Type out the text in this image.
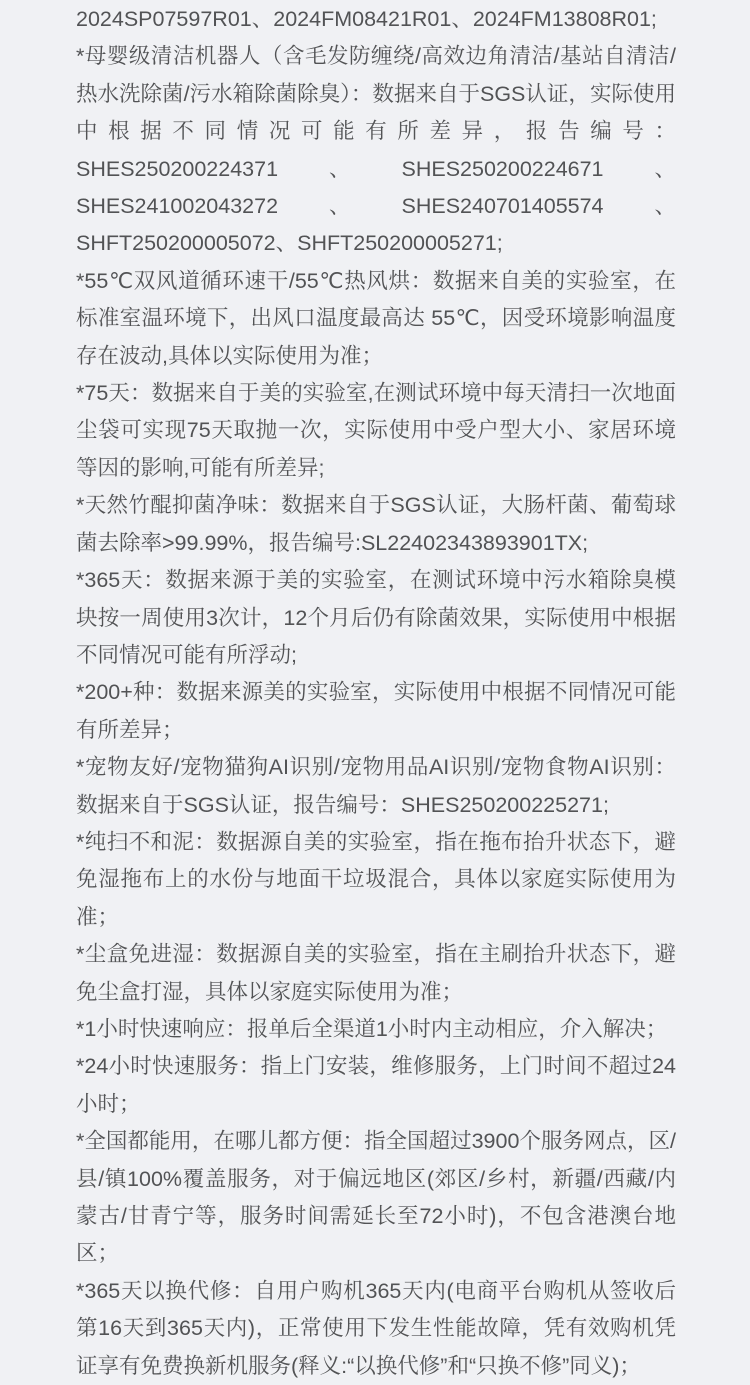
2024SP07597R01、2024FM08421R01、2024FM13808R01;

*母婴级清洁机器人（含毛发防缠绕/高效边角清洁/基站自清洁/热水洗除菌/污水箱除菌除臭）：数据来自于SGS认证，实际使用中根据不同情况可能有所差异，报告编号：SHES250200224371、SHES250200224671、SHES241002043272、SHES240701405574、SHFT250200005072、SHFT250200005271;

*55℃双风道循环速干/55℃热风烘：数据来自美的实验室，在标准室温环境下，出风口温度最高达 55℃，因受环境影响温度存在波动,具体以实际使用为准；

*75天：数据来自于美的实验室,在测试环境中每天清扫一次地面尘袋可实现75天取抛一次，实际使用中受户型大小、家居环境等因的影响,可能有所差异;

*天然竹醌抑菌净味：数据来自于SGS认证，大肠杆菌、葡萄球菌去除率>99.99%，报告编号:SL22402343893901TX;

*365天：数据来源于美的实验室，在测试环境中污水箱除臭模块按一周使用3次计，12个月后仍有除菌效果，实际使用中根据不同情况可能有所浮动;

*200+种：数据来源美的实验室，实际使用中根据不同情况可能有所差异；

*宠物友好/宠物猫狗AI识别/宠物用品AI识别/宠物食物AI识别：数据来自于SGS认证，报告编号：SHES250200225271;

*纯扫不和泥：数据源自美的实验室，指在拖布抬升状态下，避免湿拖布上的水份与地面干垃圾混合，具体以家庭实际使用为准；

*尘盒免进湿：数据源自美的实验室，指在主刷抬升状态下，避免尘盒打湿，具体以家庭实际使用为准；

*1小时快速响应：报单后全渠道1小时内主动相应，介入解决；

*24小时快速服务：指上门安装，维修服务，上门时间不超过24小时；

*全国都能用，在哪儿都方便：指全国超过3900个服务网点，区/县/镇100%覆盖服务，对于偏远地区(郊区/乡村，新疆/西藏/内蒙古/甘青宁等，服务时间需延长至72小时)，不包含港澳台地区；

*365天以换代修：自用户购机365天内(电商平台购机从签收后第16天到365天内)，正常使用下发生性能故障，凭有效购机凭证享有免费换新机服务(释义:“以换代修”和“只换不修”同义)；
